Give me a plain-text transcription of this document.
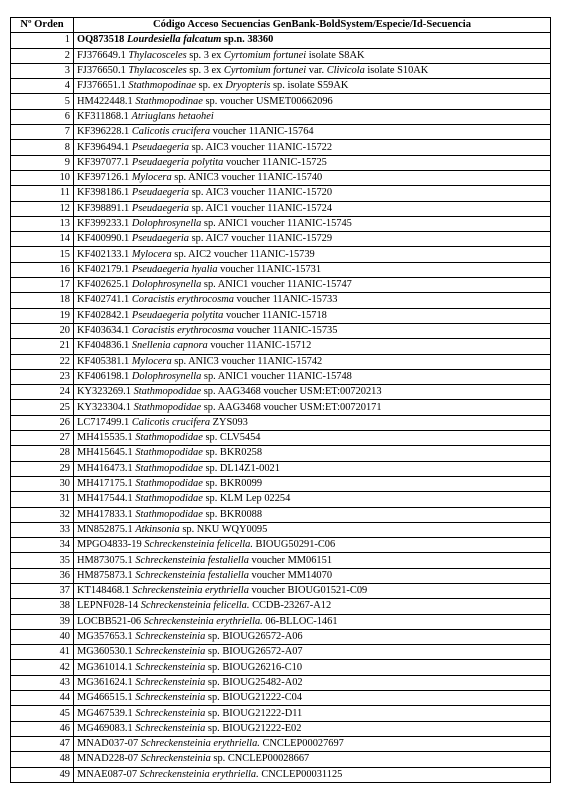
Nº Orden	Código Acceso Secuencias GenBank-BoldSystem/Especie/Id-Secuencia
1	OQ873518 Lourdesiella falcatum sp.n. 38360
2	FJ376649.1 Thylacosceles sp. 3 ex Cyrtomium fortunei isolate S8AK
3	FJ376650.1 Thylacosceles sp. 3 ex Cyrtomium fortunei var. Clivicola isolate S10AK
4	FJ376651.1 Stathmopodinae sp. ex Dryopteris sp. isolate S59AK
5	HM422448.1 Stathmopodinae sp. voucher USMET00662096
6	KF311868.1 Atriuglans hetaohei
7	KF396228.1 Calicotis crucifera voucher 11ANIC-15764
8	KF396494.1 Pseudaegeria sp. AIC3 voucher 11ANIC-15722
9	KF397077.1 Pseudaegeria polytita voucher 11ANIC-15725
10	KF397126.1 Mylocera sp. ANIC3 voucher 11ANIC-15740
11	KF398186.1 Pseudaegeria sp. AIC3 voucher 11ANIC-15720
12	KF398891.1 Pseudaegeria sp. AIC1 voucher 11ANIC-15724
13	KF399233.1 Dolophrosynella sp. ANIC1 voucher 11ANIC-15745
14	KF400990.1 Pseudaegeria sp. AIC7 voucher 11ANIC-15729
15	KF402133.1 Mylocera sp. AIC2 voucher 11ANIC-15739
16	KF402179.1 Pseudaegeria hyalia voucher 11ANIC-15731
17	KF402625.1 Dolophrosynella sp. ANIC1 voucher 11ANIC-15747
18	KF402741.1 Coracistis erythrocosma voucher 11ANIC-15733
19	KF402842.1 Pseudaegeria polytita voucher 11ANIC-15718
20	KF403634.1 Coracistis erythrocosma voucher 11ANIC-15735
21	KF404836.1 Snellenia capnora voucher 11ANIC-15712
22	KF405381.1 Mylocera sp. ANIC3 voucher 11ANIC-15742
23	KF406198.1 Dolophrosynella sp. ANIC1 voucher 11ANIC-15748
24	KY323269.1 Stathmopodidae sp. AAG3468 voucher USM:ET:00720213
25	KY323304.1 Stathmopodidae sp. AAG3468 voucher USM:ET:00720171
26	LC717499.1 Calicotis crucifera ZYS093
27	MH415535.1 Stathmopodidae sp. CLV5454
28	MH415645.1 Stathmopodidae sp. BKR0258
29	MH416473.1 Stathmopodidae sp. DL14Z1-0021
30	MH417175.1 Stathmopodidae sp. BKR0099
31	MH417544.1 Stathmopodidae sp. KLM Lep 02254
32	MH417833.1 Stathmopodidae sp. BKR0088
33	MN852875.1 Atkinsonia sp. NKU WQY0095
34	MPGO4833-19 Schreckensteinia felicella. BIOUG50291-C06
35	HM873075.1 Schreckensteinia festaliella voucher MM06151
36	HM875873.1 Schreckensteinia festaliella voucher MM14070
37	KT148468.1 Schreckensteinia erythriella voucher BIOUG01521-C09
38	LEPNF028-14 Schreckensteinia felicella. CCDB-23267-A12
39	LOCBB521-06 Schreckensteinia erythriella. 06-BLLOC-1461
40	MG357653.1 Schreckensteinia sp. BIOUG26572-A06
41	MG360530.1 Schreckensteinia sp. BIOUG26572-A07
42	MG361014.1 Schreckensteinia sp. BIOUG26216-C10
43	MG361624.1 Schreckensteinia sp. BIOUG25482-A02
44	MG466515.1 Schreckensteinia sp. BIOUG21222-C04
45	MG467539.1 Schreckensteinia sp. BIOUG21222-D11
46	MG469083.1 Schreckensteinia sp. BIOUG21222-E02
47	MNAD037-07 Schreckensteinia erythriella. CNCLEP00027697
48	MNAD228-07 Schreckensteinia sp. CNCLEP00028667
49	MNAE087-07 Schreckensteinia erythriella. CNCLEP00031125
